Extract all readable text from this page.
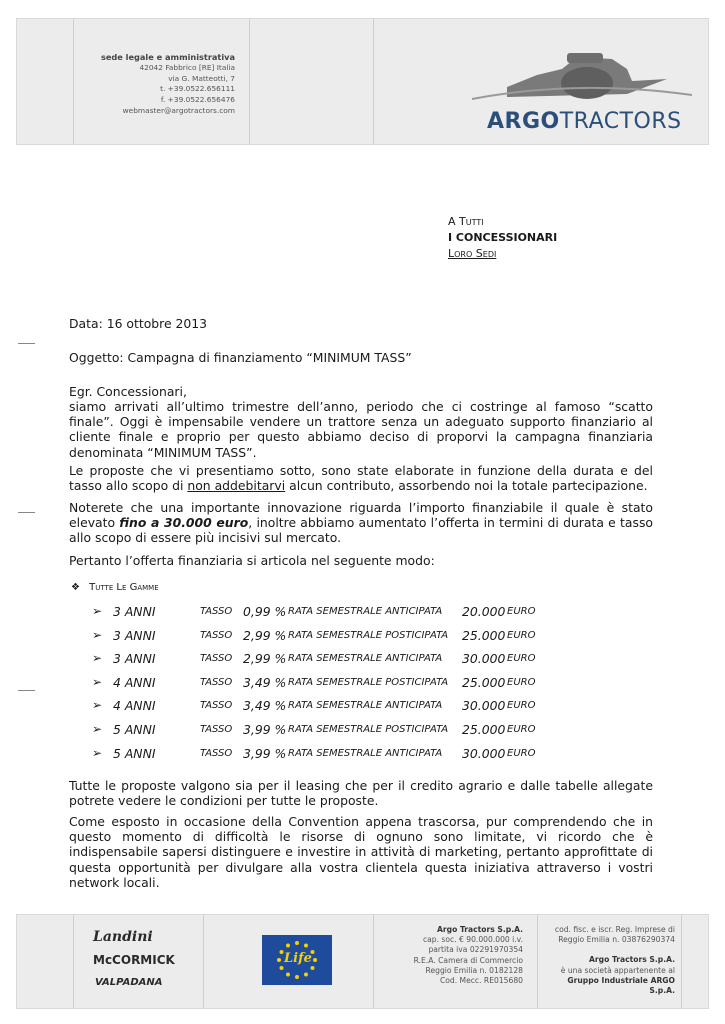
sede legale e amministrativa
42042 Fabbrico [RE] Italia
via G. Matteotti, 7
t. +39.0522.656111
f. +39.0522.656476
webmaster@argotractors.com	ARGOTRACTORS
A Tutti
I CONCESSIONARI
Loro Sedi
Data: 16 ottobre 2013
Oggetto: Campagna di finanziamento “MINIMUM TASS”
Egr. Concessionari,
siamo arrivati all’ultimo trimestre dell’anno, periodo che ci costringe al famoso “scatto finale”. Oggi è impensabile vendere un trattore senza un adeguato supporto finanziario al cliente finale e proprio per questo abbiamo deciso di proporvi la campagna finanziaria denominata “MINIMUM TASS”.
Le proposte che vi presentiamo sotto, sono state elaborate in funzione della durata e del tasso allo scopo di non addebitarvi alcun contributo, assorbendo noi la totale partecipazione.
Noterete che una importante innovazione riguarda l’importo finanziabile il quale è stato elevato fino a 30.000 euro, inoltre abbiamo aumentato l’offerta in termini di durata e tasso allo scopo di essere più incisivi sul mercato.
Pertanto l’offerta finanziaria si articola nel seguente modo:
❖ Tutte Le Gamme
➢ 3 ANNI	TASSO 0,99 % RATA SEMESTRALE ANTICIPATA 20.000 EURO
➢ 3 ANNI	TASSO 2,99 % RATA SEMESTRALE POSTICIPATA 25.000 EURO
➢ 3 ANNI	TASSO 2,99 % RATA SEMESTRALE ANTICIPATA 30.000 EURO
➢ 4 ANNI	TASSO 3,49 % RATA SEMESTRALE POSTICIPATA 25.000 EURO
➢ 4 ANNI	TASSO 3,49 % RATA SEMESTRALE ANTICIPATA 30.000 EURO
➢ 5 ANNI	TASSO 3,99 % RATA SEMESTRALE POSTICIPATA 25.000 EURO
➢ 5 ANNI	TASSO 3,99 % RATA SEMESTRALE ANTICIPATA 30.000 EURO
Tutte le proposte valgono sia per il leasing che per il credito agrario e dalle tabelle allegate potrete vedere le condizioni per tutte le proposte.
Come esposto in occasione della Convention appena trascorsa, pur comprendendo che in questo momento di difficoltà le risorse di ognuno sono limitate, vi ricordo che è indispensabile sapersi distinguere e investire in attività di marketing, pertanto approfittate di questa opportunità per divulgare alla vostra clientela questa iniziativa attraverso i vostri network locali.
Landini
McCORMICK
VALPADANA
Life
Argo Tractors S.p.A.
cap. soc. € 90.000.000 i.v.
partita iva 02291970354
R.E.A. Camera di Commercio
Reggio Emilia n. 0182128
Cod. Mecc. RE015680
cod. fisc. e iscr. Reg. Imprese di
Reggio Emilia n. 03876290374
Argo Tractors S.p.A.
è una società appartenente al
Gruppo Industriale ARGO S.p.A.
